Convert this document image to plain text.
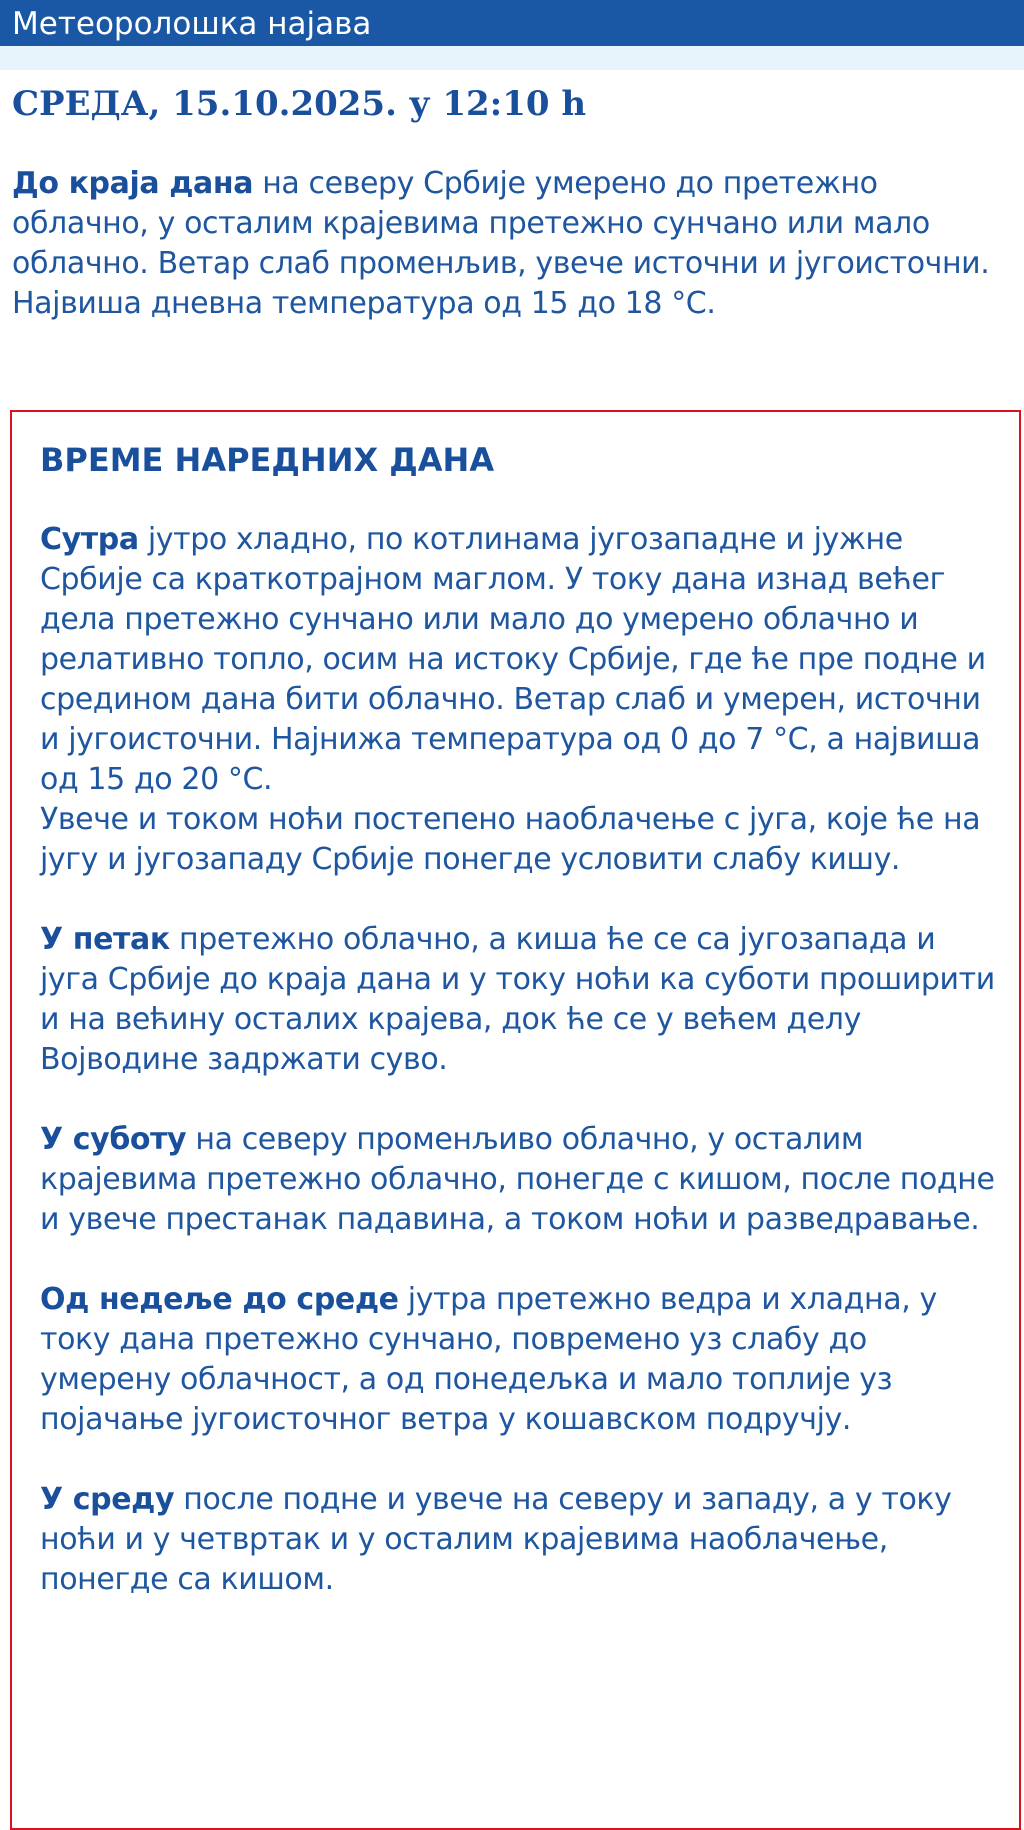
Метеоролошка најава
СРЕДА, 15.10.2025. у 12:10 h

До краја дана на северу Србије умерено до претежно облачно, у осталим крајевима претежно сунчано или мало облачно. Ветар слаб променљив, увече источни и југоисточни. Највиша дневна температура од 15 до 18 °C.

ВРЕМЕ НАРЕДНИХ ДАНА

Сутра јутро хладно, по котлинама југозападне и јужне Србије са краткотрајном маглом. У току дана изнад већег дела претежно сунчано или мало до умерено облачно и релативно топло, осим на истоку Србије, где ће пре подне и средином дана бити облачно. Ветар слаб и умерен, источни и југоисточни. Најнижа температура од 0 до 7 °C, а највиша од 15 до 20 °C.
Увече и током ноћи постепено наоблачење с југа, које ће на југу и југозападу Србије понегде условити слабу кишу.

У петак претежно облачно, а киша ће се са југозапада и југа Србије до краја дана и у току ноћи ка суботи проширити и на већину осталих крајева, док ће се у већем делу Војводине задржати суво.

У суботу на северу променљиво облачно, у осталим крајевима претежно облачно, понегде с кишом, после подне и увече престанак падавина, а током ноћи и разведравање.

Од недеље до среде јутра претежно ведра и хладна, у току дана претежно сунчано, повремено уз слабу до умерену облачност, а од понедељка и мало топлије уз појачање југоисточног ветра у кошавском подручју.

У среду после подне и увече на северу и западу, а у току ноћи и у четвртак и у осталим крајевима наоблачење, понегде са кишом.
